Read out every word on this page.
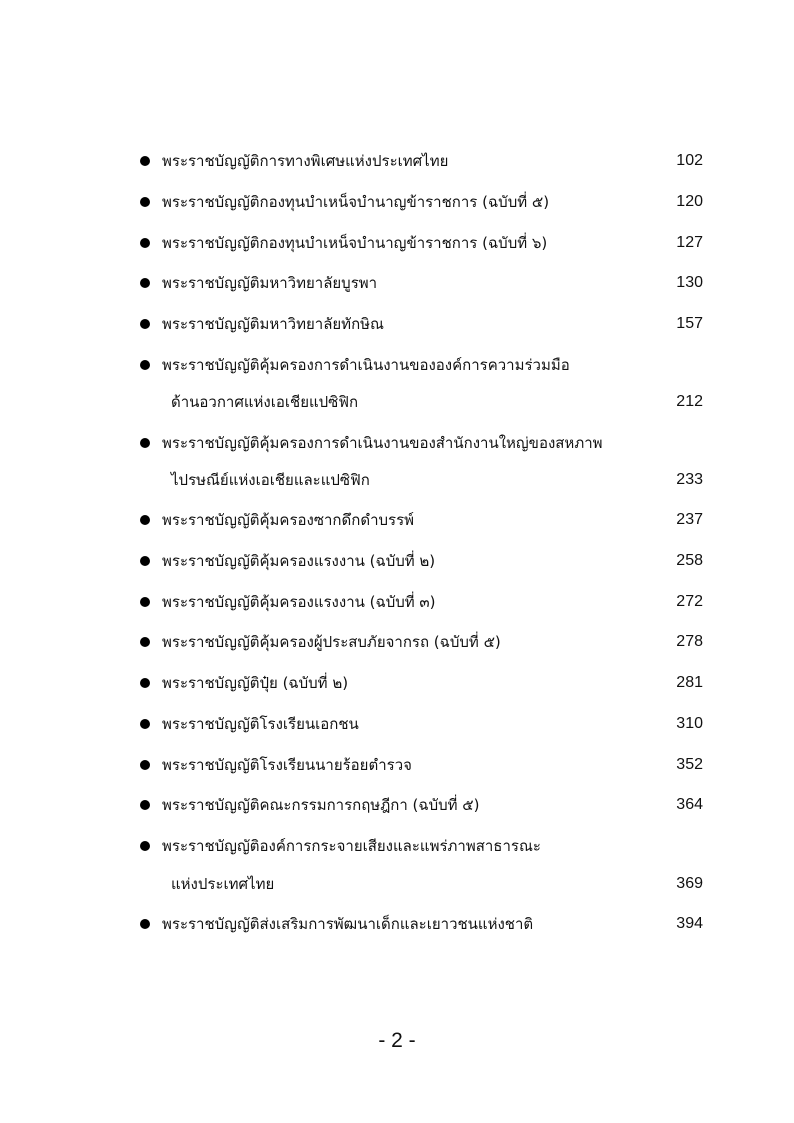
พระราชบัญญัติการทางพิเศษแห่งประเทศไทย	102
พระราชบัญญัติกองทุนบำเหน็จบำนาญข้าราชการ (ฉบับที่ ๕)	120
พระราชบัญญัติกองทุนบำเหน็จบำนาญข้าราชการ (ฉบับที่ ๖)	127
พระราชบัญญัติมหาวิทยาลัยบูรพา	130
พระราชบัญญัติมหาวิทยาลัยทักษิณ	157
พระราชบัญญัติคุ้มครองการดำเนินงานขององค์การความร่วมมือ
ด้านอวกาศแห่งเอเชียแปซิฟิก	212
พระราชบัญญัติคุ้มครองการดำเนินงานของสำนักงานใหญ่ของสหภาพ
ไปรษณีย์แห่งเอเชียและแปซิฟิก	233
พระราชบัญญัติคุ้มครองซากดึกดำบรรพ์	237
พระราชบัญญัติคุ้มครองแรงงาน (ฉบับที่ ๒)	258
พระราชบัญญัติคุ้มครองแรงงาน (ฉบับที่ ๓)	272
พระราชบัญญัติคุ้มครองผู้ประสบภัยจากรถ (ฉบับที่ ๕)	278
พระราชบัญญัติปุ๋ย (ฉบับที่ ๒)	281
พระราชบัญญัติโรงเรียนเอกชน	310
พระราชบัญญัติโรงเรียนนายร้อยตำรวจ	352
พระราชบัญญัติคณะกรรมการกฤษฎีกา (ฉบับที่ ๕)	364
พระราชบัญญัติองค์การกระจายเสียงและแพร่ภาพสาธารณะ
แห่งประเทศไทย	369
พระราชบัญญัติส่งเสริมการพัฒนาเด็กและเยาวชนแห่งชาติ	394
- 2 -
